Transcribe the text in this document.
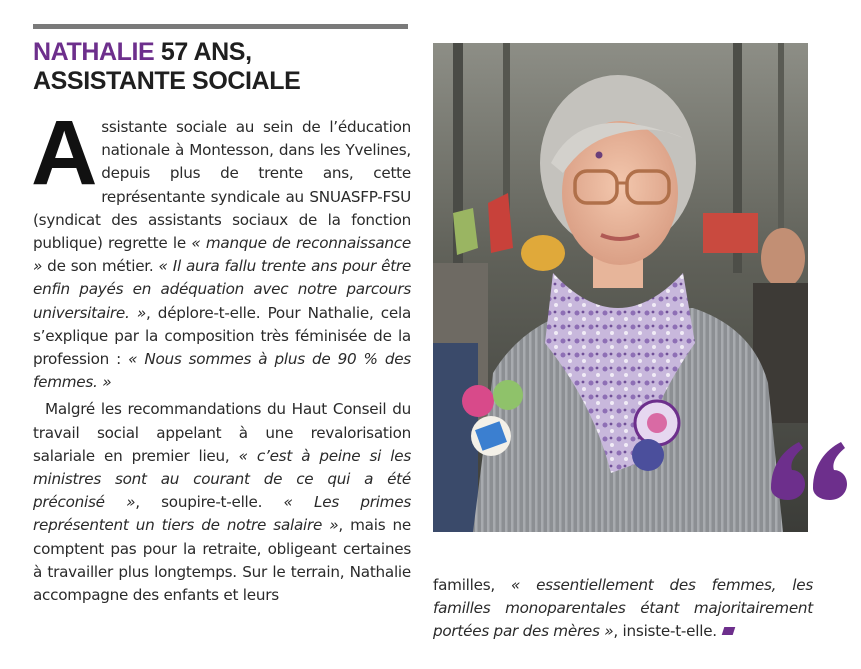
NATHALIE 57 ANS,
ASSISTANTE SOCIALE

Assistante sociale au sein de l’éducation nationale à Montesson, dans les Yvelines, depuis plus de trente ans, cette représentante syndicale au SNUASFP-FSU (syndicat des assistants sociaux de la fonction publique) regrette le « manque de reconnaissance » de son métier. « Il aura fallu trente ans pour être enfin payés en adéquation avec notre parcours universitaire. », déplore-t-elle. Pour Nathalie, cela s’explique par la composition très féminisée de la profession : « Nous sommes à plus de 90 % des femmes. »

Malgré les recommandations du Haut Conseil du travail social appelant à une revalorisation salariale en premier lieu, « c’est à peine si les ministres sont au courant de ce qui a été préconisé », soupire-t-elle. « Les primes représentent un tiers de notre salaire », mais ne comptent pas pour la retraite, obligeant certaines à travailler plus longtemps. Sur le terrain, Nathalie accompagne des enfants et leurs

familles, « essentiellement des femmes, les familles monoparentales étant majoritairement portées par des mères », insiste-t-elle.
